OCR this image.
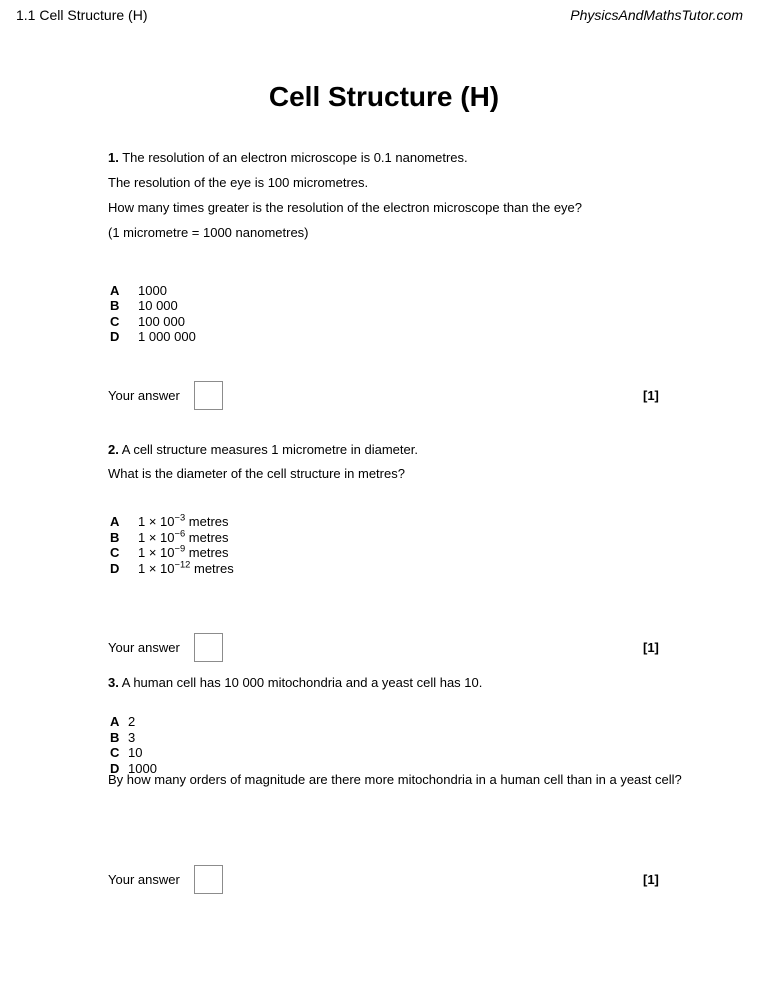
1.1 Cell Structure (H)	PhysicsAndMathsTutor.com
Cell Structure (H)
1. The resolution of an electron microscope is 0.1 nanometres.
The resolution of the eye is 100 micrometres.
How many times greater is the resolution of the electron microscope than the eye?
(1 micrometre = 1000 nanometres)
A 1000
B 10 000
C 100 000
D 1 000 000
Your answer	[1]
2. A cell structure measures 1 micrometre in diameter.
What is the diameter of the cell structure in metres?
A $1 \times 10^{-3}$ metres
B $1 \times 10^{-6}$ metres
C $1 \times 10^{-9}$ metres
D $1 \times 10^{-12}$ metres
Your answer	[1]
3. A human cell has 10 000 mitochondria and a yeast cell has 10.
A 2
B 3
C 10
D 1000
By how many orders of magnitude are there more mitochondria in a human cell than in a yeast cell?
Your answer	[1]
